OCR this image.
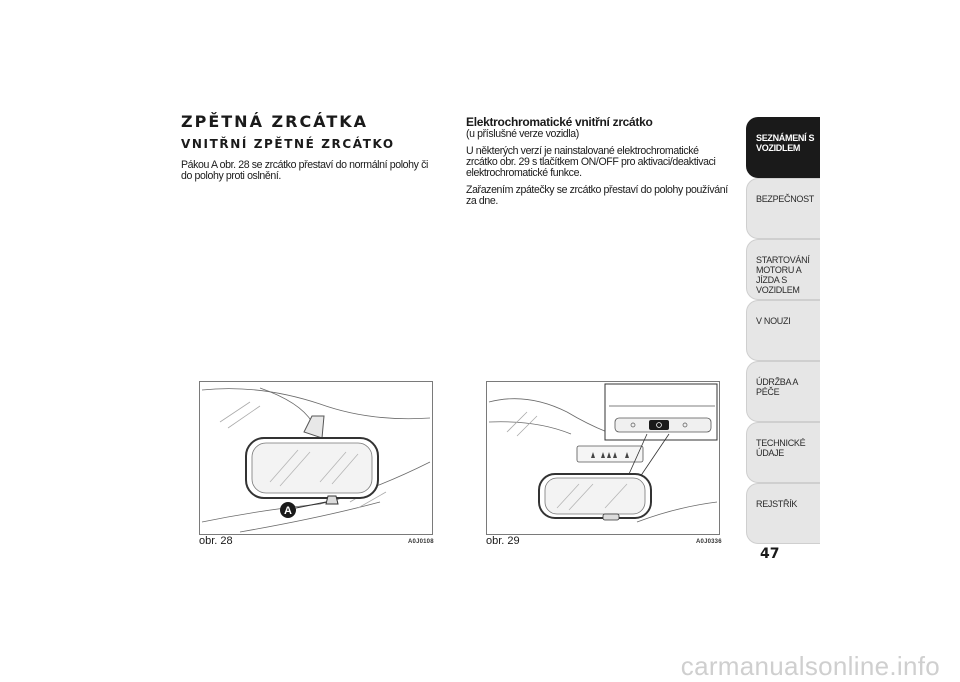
ZPĚTNÁ ZRCÁTKA
VNITŘNÍ ZPĚTNÉ ZRCÁTKO

Pákou A obr. 28 se zrcátko přestaví do normální polohy či do polohy proti oslnění.

Elektrochromatické vnitřní zrcátko

(u příslušné verze vozidla)

U některých verzí je nainstalované elektrochromatické zrcátko obr. 29 s tlačítkem ON/OFF pro aktivaci/deaktivaci elektrochromatické funkce.

Zařazením zpátečky se zrcátko přestaví do polohy používání za dne.

A
obr. 28	A0J0108	obr. 29	A0J0336
SEZNÁMENÍ S VOZIDLEM
BEZPEČNOST
STARTOVÁNÍ MOTORU A JÍZDA S VOZIDLEM
V NOUZI
ÚDRŽBA A PÉČE
TECHNICKÉ ÚDAJE
REJSTŘÍK

47

carmanualsonline.info
